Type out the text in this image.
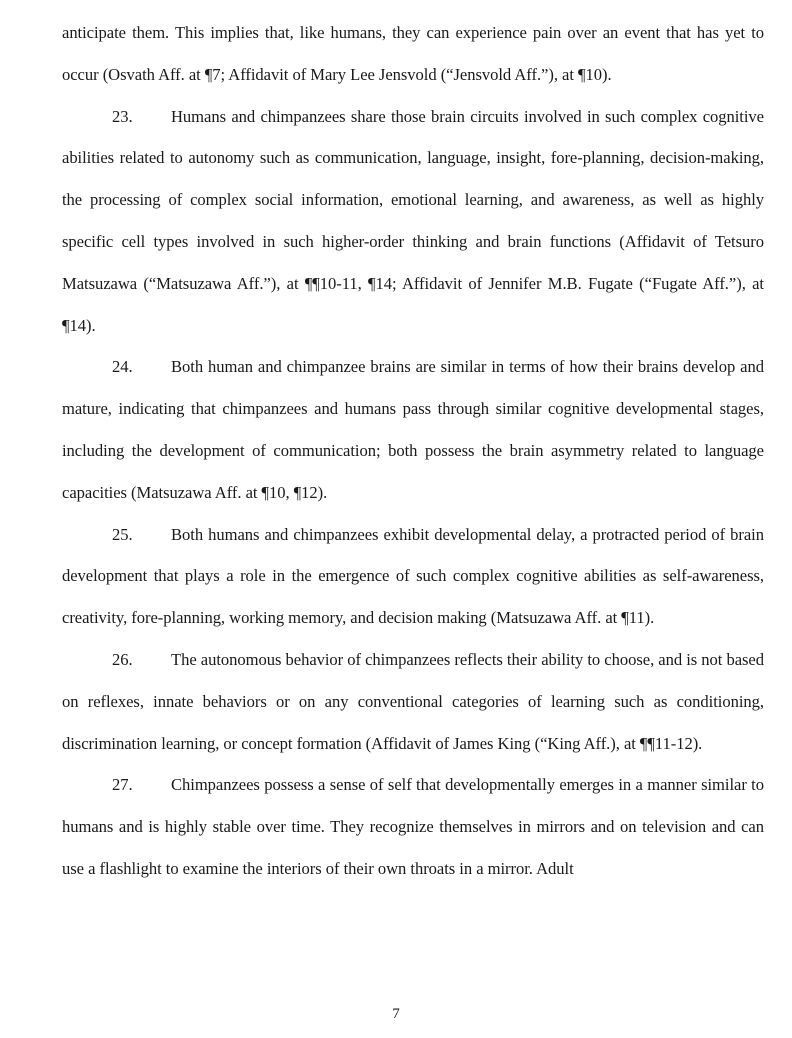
anticipate them. This implies that, like humans, they can experience pain over an event that has yet to occur (Osvath Aff. at ¶7; Affidavit of Mary Lee Jensvold (“Jensvold Aff.”), at ¶10).

23. Humans and chimpanzees share those brain circuits involved in such complex cognitive abilities related to autonomy such as communication, language, insight, fore-planning, decision-making, the processing of complex social information, emotional learning, and awareness, as well as highly specific cell types involved in such higher-order thinking and brain functions (Affidavit of Tetsuro Matsuzawa (“Matsuzawa Aff.”), at ¶¶10-11, ¶14; Affidavit of Jennifer M.B. Fugate (“Fugate Aff.”), at ¶14).

24. Both human and chimpanzee brains are similar in terms of how their brains develop and mature, indicating that chimpanzees and humans pass through similar cognitive developmental stages, including the development of communication; both possess the brain asymmetry related to language capacities (Matsuzawa Aff. at ¶10, ¶12).

25. Both humans and chimpanzees exhibit developmental delay, a protracted period of brain development that plays a role in the emergence of such complex cognitive abilities as self-awareness, creativity, fore-planning, working memory, and decision making (Matsuzawa Aff. at ¶11).

26. The autonomous behavior of chimpanzees reflects their ability to choose, and is not based on reflexes, innate behaviors or on any conventional categories of learning such as conditioning, discrimination learning, or concept formation (Affidavit of James King (“King Aff.), at ¶¶11-12).

27. Chimpanzees possess a sense of self that developmentally emerges in a manner similar to humans and is highly stable over time. They recognize themselves in mirrors and on television and can use a flashlight to examine the interiors of their own throats in a mirror. Adult

7
